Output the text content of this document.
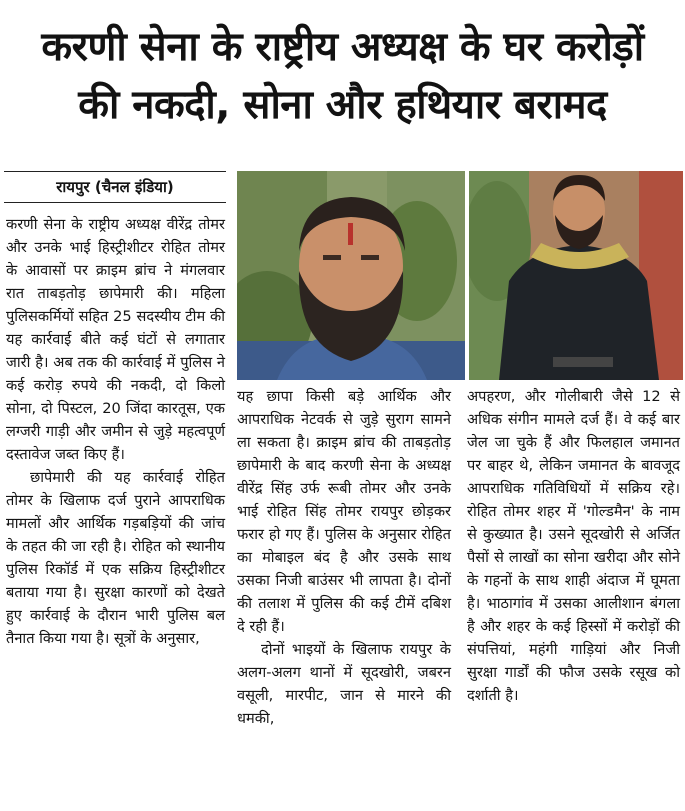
करणी सेना के राष्ट्रीय अध्यक्ष के घर करोड़ों
की नकदी, सोना और हथियार बरामद
रायपुर (चैनल इंडिया)

करणी सेना के राष्ट्रीय अध्यक्ष वीरेंद्र तोमर और उनके भाई हिस्ट्रीशीटर रोहित तोमर के आवासों पर क्राइम ब्रांच ने मंगलवार रात ताबड़तोड़ छापेमारी की। महिला पुलिसकर्मियों सहित 25 सदस्यीय टीम की यह कार्रवाई बीते कई घंटों से लगातार जारी है। अब तक की कार्रवाई में पुलिस ने कई करोड़ रुपये की नकदी, दो किलो सोना, दो पिस्टल, 20 जिंदा कारतूस, एक लग्जरी गाड़ी और जमीन से जुड़े महत्वपूर्ण दस्तावेज जब्त किए हैं।

छापेमारी की यह कार्रवाई रोहित तोमर के खिलाफ दर्ज पुराने आपराधिक मामलों और आर्थिक गड़बड़ियों की जांच के तहत की जा रही है। रोहित को स्थानीय पुलिस रिकॉर्ड में एक सक्रिय हिस्ट्रीशीटर बताया गया है। सुरक्षा कारणों को देखते हुए कार्रवाई के दौरान भारी पुलिस बल तैनात किया गया है। सूत्रों के अनुसार,

यह छापा किसी बड़े आर्थिक और आपराधिक नेटवर्क से जुड़े सुराग सामने ला सकता है। क्राइम ब्रांच की ताबड़तोड़ छापेमारी के बाद करणी सेना के अध्यक्ष वीरेंद्र सिंह उर्फ रूबी तोमर और उनके भाई रोहित सिंह तोमर रायपुर छोड़कर फरार हो गए हैं। पुलिस के अनुसार रोहित का मोबाइल बंद है और उसके साथ उसका निजी बाउंसर भी लापता है। दोनों की तलाश में पुलिस की कई टीमें दबिश दे रही हैं।

दोनों भाइयों के खिलाफ रायपुर के अलग-अलग थानों में सूदखोरी, जबरन वसूली, मारपीट, जान से मारने की धमकी,

अपहरण, और गोलीबारी जैसे 12 से अधिक संगीन मामले दर्ज हैं। वे कई बार जेल जा चुके हैं और फिलहाल जमानत पर बाहर थे, लेकिन जमानत के बावजूद आपराधिक गतिविधियों में सक्रिय रहे। रोहित तोमर शहर में 'गोल्डमैन' के नाम से कुख्यात है। उसने सूदखोरी से अर्जित पैसों से लाखों का सोना खरीदा और सोने के गहनों के साथ शाही अंदाज में घूमता है। भाठागांव में उसका आलीशान बंगला है और शहर के कई हिस्सों में करोड़ों की संपत्तियां, महंगी गाड़ियां और निजी सुरक्षा गार्डों की फौज उसके रसूख को दर्शाती है।
